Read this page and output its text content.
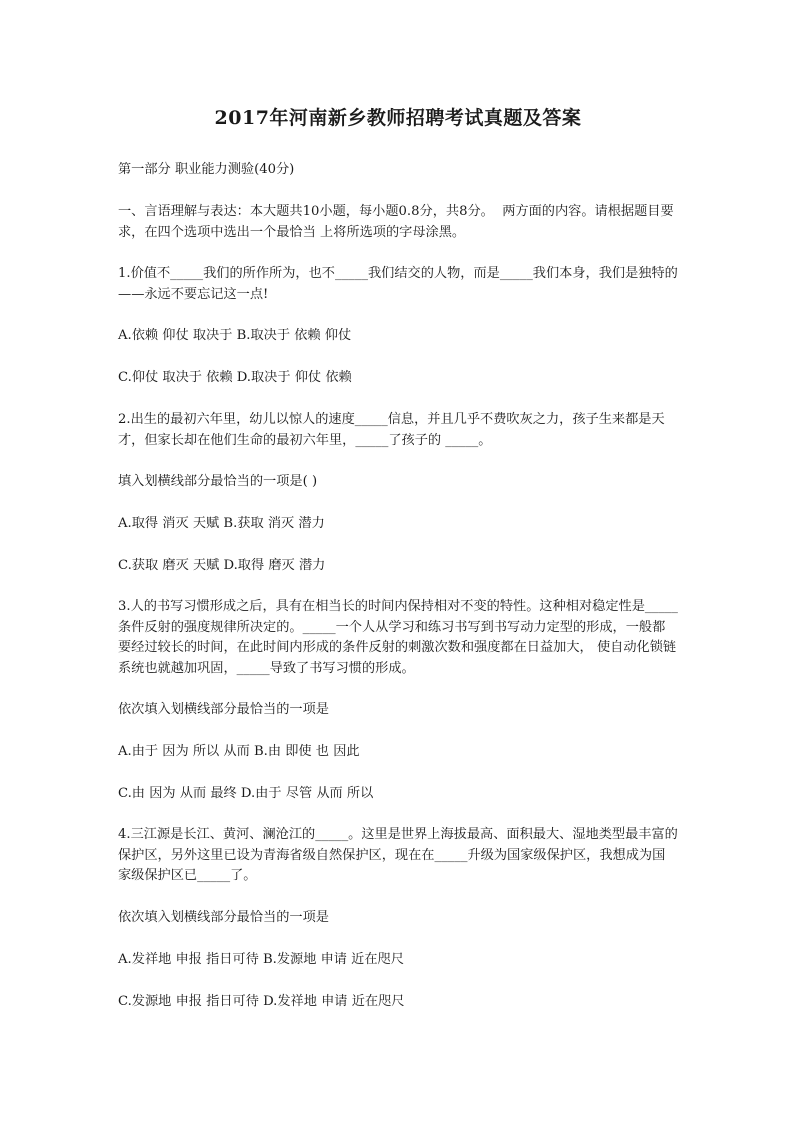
2017年河南新乡教师招聘考试真题及答案

第一部分 职业能力测验(40分)

一、言语理解与表达：本大题共10小题，每小题0.8分，共8分。  两方面的内容。请根据题目要求，在四个选项中选出一个最恰当 上将所选项的字母涂黑。

1.价值不_____我们的所作所为，也不_____我们结交的人物，而是_____我们本身，我们是独特的——永远不要忘记这一点!

A.依赖 仰仗 取决于 B.取决于 依赖 仰仗

C.仰仗 取决于 依赖 D.取决于 仰仗 依赖

2.出生的最初六年里，幼儿以惊人的速度_____信息，并且几乎不费吹灰之力，孩子生来都是天才，但家长却在他们生命的最初六年里，_____了孩子的 _____。

填入划横线部分最恰当的一项是( )

A.取得 消灭 天赋 B.获取 消灭 潜力

C.获取 磨灭 天赋 D.取得 磨灭 潜力

3.人的书写习惯形成之后，具有在相当长的时间内保持相对不变的特性。这种相对稳定性是_____条件反射的强度规律所决定的。_____一个人从学习和练习书写到书写动力定型的形成，一般都要经过较长的时间，在此时间内形成的条件反射的刺激次数和强度都在日益加大， 使自动化锁链系统也就越加巩固，_____导致了书写习惯的形成。

依次填入划横线部分最恰当的一项是

A.由于 因为 所以 从而 B.由 即使 也 因此

C.由 因为 从而 最终 D.由于 尽管 从而 所以

4.三江源是长江、黄河、澜沧江的_____。这里是世界上海拔最高、面积最大、湿地类型最丰富的保护区，另外这里已设为青海省级自然保护区，现在在_____升级为国家级保护区，我想成为国家级保护区已_____了。

依次填入划横线部分最恰当的一项是

A.发祥地 申报 指日可待 B.发源地 申请 近在咫尺

C.发源地 申报 指日可待 D.发祥地 申请 近在咫尺
